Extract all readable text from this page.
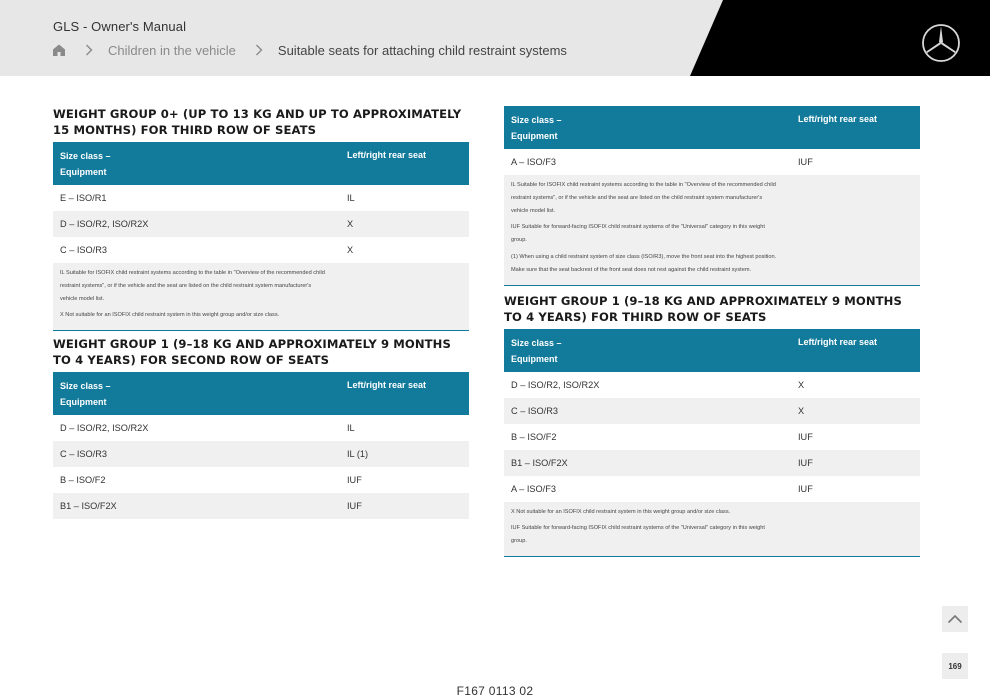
GLS - Owner's Manual
Children in the vehicle	Suitable seats for attaching child restraint systems
WEIGHT GROUP 0+ (UP TO 13 KG AND UP TO APPROXIMATELY 15 MONTHS) FOR THIRD ROW OF SEATS
Size class –
Equipment	Left/right rear seat
E – ISO/R1	IL
D – ISO/R2, ISO/R2X	X
C – ISO/R3	X

IL Suitable for ISOFIX child restraint systems according to the table in "Overview of the recommended child restraint systems", or if the vehicle and the seat are listed on the child restraint system manufacturer's vehicle model list.

X Not suitable for an ISOFIX child restraint system in this weight group and/or size class.

WEIGHT GROUP 1 (9–18 KG AND APPROXIMATELY 9 MONTHS TO 4 YEARS) FOR SECOND ROW OF SEATS
Size class –
Equipment	Left/right rear seat
D – ISO/R2, ISO/R2X	IL
C – ISO/R3	IL (1)
B – ISO/F2	IUF
B1 – ISO/F2X	IUF
Size class –
Equipment	Left/right rear seat
A – ISO/F3	IUF

IL Suitable for ISOFIX child restraint systems according to the table in "Overview of the recommended child restraint systems", or if the vehicle and the seat are listed on the child restraint system manufacturer's vehicle model list.

IUF Suitable for forward-facing ISOFIX child restraint systems of the "Universal" category in this weight group.

(1) When using a child restraint system of size class (ISO/R3), move the front seat into the highest position. Make sure that the seat backrest of the front seat does not rest against the child restraint system.

WEIGHT GROUP 1 (9–18 KG AND APPROXIMATELY 9 MONTHS TO 4 YEARS) FOR THIRD ROW OF SEATS
Size class –
Equipment	Left/right rear seat
D – ISO/R2, ISO/R2X	X
C – ISO/R3	X
B – ISO/F2	IUF
B1 – ISO/F2X	IUF
A – ISO/F3	IUF

X Not suitable for an ISOFIX child restraint system in this weight group and/or size class.

IUF Suitable for forward-facing ISOFIX child restraint systems of the "Universal" category in this weight group.

169
F167 0113 02
